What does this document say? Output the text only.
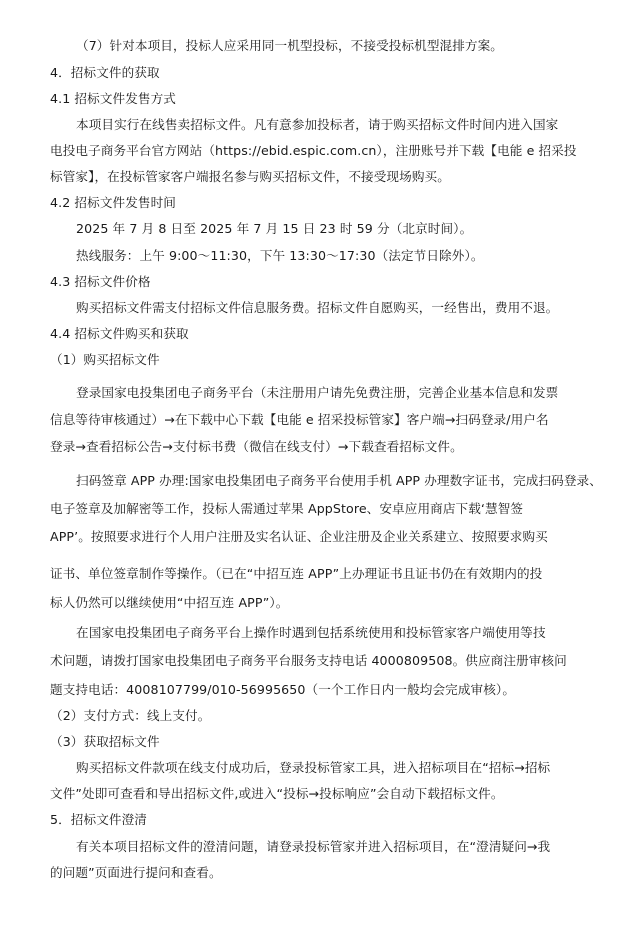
（7）针对本项目，投标人应采用同一机型投标，不接受投标机型混排方案。
4．招标文件的获取
4.1 招标文件发售方式
本项目实行在线售卖招标文件。凡有意参加投标者，请于购买招标文件时间内进入国家
电投电子商务平台官方网站（https://ebid.espic.com.cn），注册账号并下载【电能 e 招采投
标管家】，在投标管家客户端报名参与购买招标文件，不接受现场购买。
4.2 招标文件发售时间
2025 年 7 月 8 日至 2025 年 7 月 15 日 23 时 59 分（北京时间）。
热线服务：上午 9:00～11:30，下午 13:30～17:30（法定节日除外）。
4.3 招标文件价格
购买招标文件需支付招标文件信息服务费。招标文件自愿购买，一经售出，费用不退。
4.4 招标文件购买和获取
（1）购买招标文件
登录国家电投集团电子商务平台（未注册用户请先免费注册，完善企业基本信息和发票
信息等待审核通过）→在下载中心下载【电能 e 招采投标管家】客户端→扫码登录/用户名
登录→查看招标公告→支付标书费（微信在线支付）→下载查看招标文件。
扫码签章 APP 办理:国家电投集团电子商务平台使用手机 APP 办理数字证书，完成扫码登录、
电子签章及加解密等工作，投标人需通过苹果 AppStore、安卓应用商店下载‘慧智签
APP’。按照要求进行个人用户注册及实名认证、企业注册及企业关系建立、按照要求购买
证书、单位签章制作等操作。（已在“中招互连 APP”上办理证书且证书仍在有效期内的投
标人仍然可以继续使用“中招互连 APP”）。
在国家电投集团电子商务平台上操作时遇到包括系统使用和投标管家客户端使用等技
术问题，请拨打国家电投集团电子商务平台服务支持电话 4000809508。供应商注册审核问
题支持电话：4008107799/010-56995650（一个工作日内一般均会完成审核）。
（2）支付方式：线上支付。
（3）获取招标文件
购买招标文件款项在线支付成功后，登录投标管家工具，进入招标项目在“招标→招标
文件”处即可查看和导出招标文件,或进入“投标→投标响应”会自动下载招标文件。
5．招标文件澄清
有关本项目招标文件的澄清问题，请登录投标管家并进入招标项目，在“澄清疑问→我
的问题”页面进行提问和查看。
